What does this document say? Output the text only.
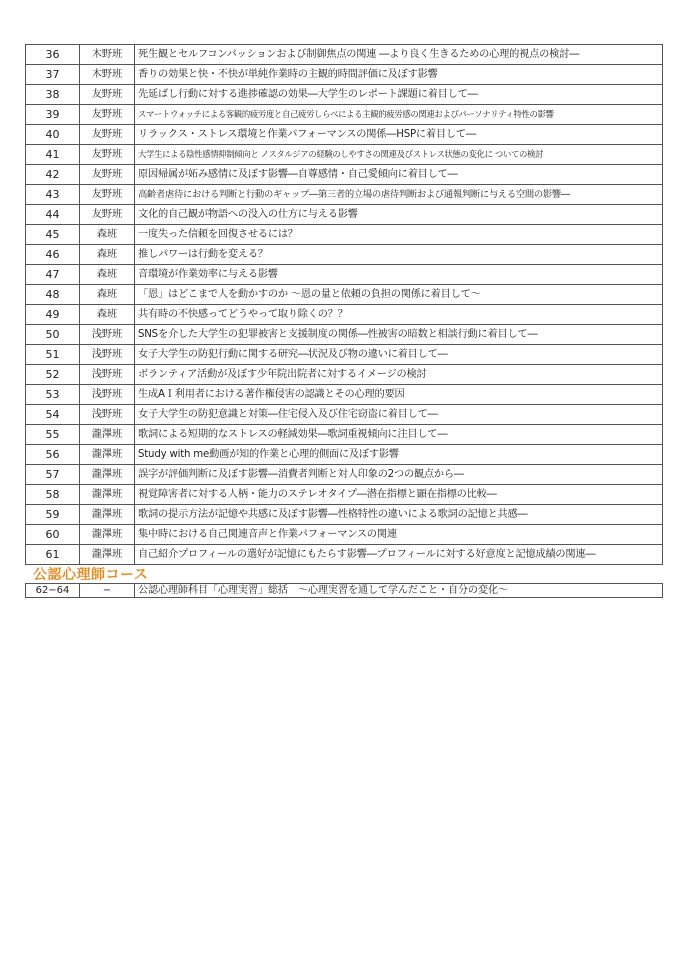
36	木野班	死生観とセルフコンパッションおよび制御焦点の関連 ―より良く生きるための心理的視点の検討―
37	木野班	香りの効果と快・不快が単純作業時の主観的時間評価に及ぼす影響
38	友野班	先延ばし行動に対する進捗確認の効果―大学生のレポート課題に着目して―
39	友野班	スマートウォッチによる客観的疲労度と自己疲労しらべによる主観的疲労感の関連およびパーソナリティ特性の影響
40	友野班	リラックス・ストレス環境と作業パフォーマンスの関係―HSPに着目して―
41	友野班	大学生による陰性感情抑制傾向と ノスタルジアの経験のしやすさの関連及びストレス状態の変化に ついての検討
42	友野班	原因帰属が妬み感情に及ぼす影響―自尊感情・自己愛傾向に着目して―
43	友野班	高齢者虐待における判断と行動のギャップ―第三者的立場の虐待判断および通報判断に与える空間の影響―
44	友野班	文化的自己観が物語への没入の仕方に与える影響
45	森班	一度失った信頼を回復させるには？
46	森班	推しパワーは行動を変える？
47	森班	音環境が作業効率に与える影響
48	森班	「恩」はどこまで人を動かすのか ～恩の量と依頼の負担の関係に着目して～
49	森班	共有時の不快感ってどうやって取り除くの？？
50	浅野班	SNSを介した大学生の犯罪被害と支援制度の関係―性被害の暗数と相談行動に着目して―
51	浅野班	女子大学生の防犯行動に関する研究―状況及び物の違いに着目して―
52	浅野班	ボランティア活動が及ぼす少年院出院者に対するイメージの検討
53	浅野班	生成AＩ利用者における著作権侵害の認識とその心理的要因
54	浅野班	女子大学生の防犯意識と対策―住宅侵入及び住宅窃盗に着目して―
55	瀧澤班	歌詞による短期的なストレスの軽減効果―歌詞重視傾向に注目して―
56	瀧澤班	Study with me動画が知的作業と心理的側面に及ぼす影響
57	瀧澤班	誤字が評価判断に及ぼす影響―消費者判断と対人印象の2つの観点から―
58	瀧澤班	視覚障害者に対する人柄・能力のステレオタイプ―潜在指標と顕在指標の比較―
59	瀧澤班	歌詞の提示方法が記憶や共感に及ぼす影響―性格特性の違いによる歌詞の記憶と共感―
60	瀧澤班	集中時における自己関連音声と作業パフォーマンスの関連
61	瀧澤班	自己紹介プロフィールの選好が記憶にもたらす影響―プロフィールに対する好意度と記憶成績の関連―
公認心理師コース
62−64	−	公認心理師科目「心理実習」総括　～心理実習を通して学んだこと・自分の変化～
